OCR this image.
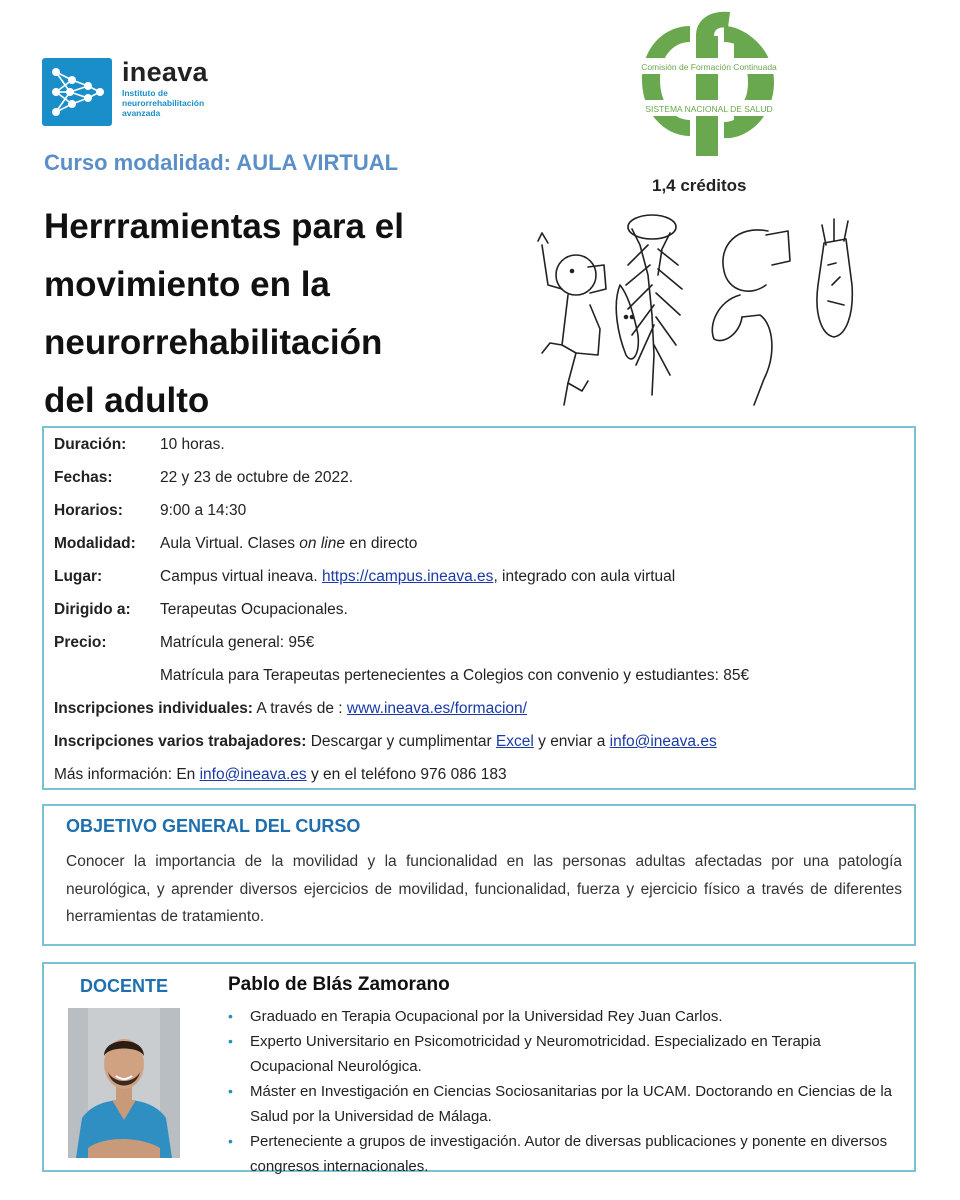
ineava
Instituto de neurorrehabilitación avanzada
Comisión de Formación Continuada
SISTEMA NACIONAL DE SALUD
1,4 créditos
Curso modalidad: AULA VIRTUAL
Herrramientas para el
movimiento en la
neurorrehabilitación
del adulto
Duración: 10 horas.
Fechas:	22 y 23 de octubre de 2022.
Horarios: 9:00 a 14:30
Modalidad: Aula Virtual. Clases on line en directo
Lugar:	Campus virtual ineava. https://campus.ineava.es, integrado con aula virtual
Dirigido a: Terapeutas Ocupacionales.
Precio:	Matrícula general: 95€
Matrícula para Terapeutas pertenecientes a Colegios con convenio y estudiantes: 85€
Inscripciones individuales: A través de : www.ineava.es/formacion/
Inscripciones varios trabajadores: Descargar y cumplimentar Excel y enviar a info@ineava.es
Más información: En info@ineava.es y en el teléfono 976 086 183
OBJETIVO GENERAL DEL CURSO
Conocer la importancia de la movilidad y la funcionalidad en las personas adultas afectadas por una patología neurológica, y aprender diversos ejercicios de movilidad, funcionalidad, fuerza y ejercicio físico a través de diferentes herramientas de tratamiento.
DOCENTE	Pablo de Blás Zamorano
• Graduado en Terapia Ocupacional por la Universidad Rey Juan Carlos.
• Experto Universitario en Psicomotricidad y Neuromotricidad. Especializado en Terapia Ocupacional Neurológica.
• Máster en Investigación en Ciencias Sociosanitarias por la UCAM. Doctorando en Ciencias de la Salud por la Universidad de Málaga.
• Perteneciente a grupos de investigación. Autor de diversas publicaciones y ponente en diversos congresos internacionales.
